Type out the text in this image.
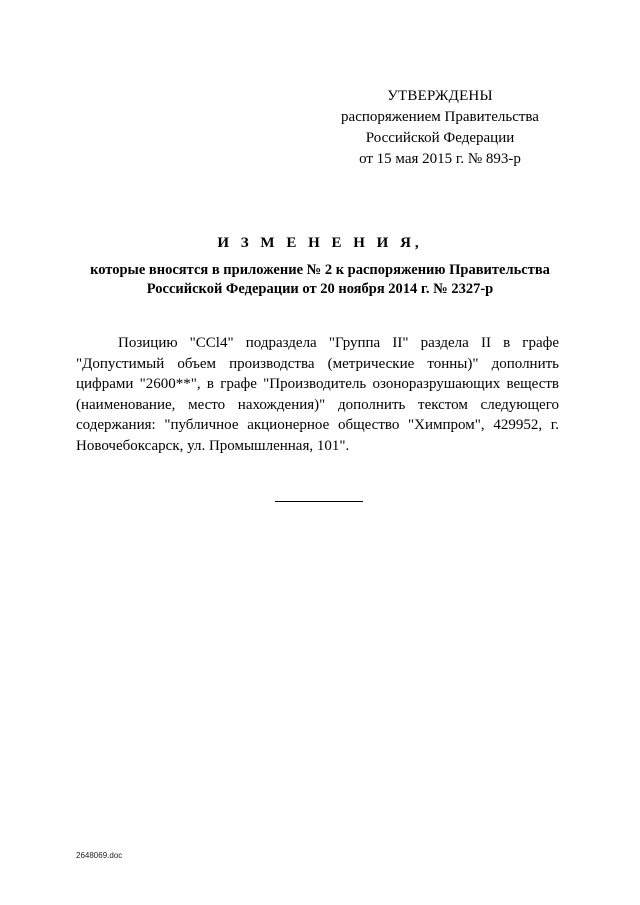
УТВЕРЖДЕНЫ
распоряжением Правительства
Российской Федерации
от 15 мая 2015 г. № 893-р
И З М Е Н Е Н И Я,
которые вносятся в приложение № 2 к распоряжению Правительства
Российской Федерации от 20 ноября 2014 г. № 2327-р

Позицию "CCl4" подраздела "Группа II" раздела II в графе "Допустимый объем производства (метрические тонны)" дополнить цифрами "2600**", в графе "Производитель озоноразрушающих веществ (наименование, место нахождения)" дополнить текстом следующего содержания: "публичное акционерное общество "Химпром", 429952, г. Новочебоксарск, ул. Промышленная, 101".

2648069.doc
